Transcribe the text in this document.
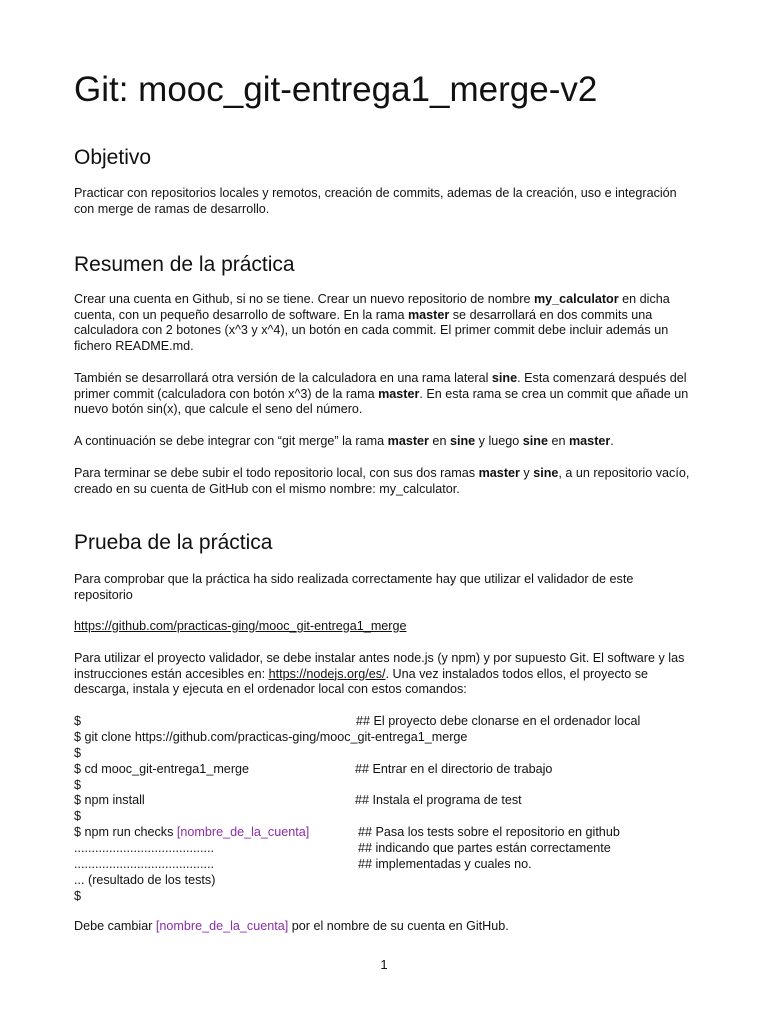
Git: mooc_git-entrega1_merge-v2
Objetivo

Practicar con repositorios locales y remotos, creación de commits, ademas de la creación, uso e integración con merge de ramas de desarrollo.

Resumen de la práctica

Crear una cuenta en Github, si no se tiene. Crear un nuevo repositorio de nombre my_calculator en dicha cuenta, con un pequeño desarrollo de software. En la rama master se desarrollará en dos commits una calculadora con 2 botones (x^3 y x^4), un botón en cada commit. El primer commit debe incluir además un fichero README.md.

También se desarrollará otra versión de la calculadora en una rama lateral sine. Esta comenzará después del primer commit (calculadora con botón x^3) de la rama master. En esta rama se crea un commit que añade un nuevo botón sin(x), que calcule el seno del número.

A continuación se debe integrar con “git merge” la rama master en sine y luego sine en master.

Para terminar se debe subir el todo repositorio local, con sus dos ramas master y sine, a un repositorio vacío, creado en su cuenta de GitHub con el mismo nombre: my_calculator.

Prueba de la práctica

Para comprobar que la práctica ha sido realizada correctamente hay que utilizar el validador de este repositorio

https://github.com/practicas-ging/mooc_git-entrega1_merge

Para utilizar el proyecto validador, se debe instalar antes node.js (y npm) y por supuesto Git. El software y las instrucciones están accesibles en: https://nodejs.org/es/. Una vez instalados todos ellos, el proyecto se descarga, instala y ejecuta en el ordenador local con estos comandos:

$	## El proyecto debe clonarse en el ordenador local
$ git clone https://github.com/practicas-ging/mooc_git-entrega1_merge
$
$ cd mooc_git-entrega1_merge	## Entrar en el directorio de trabajo
$
$ npm install	## Instala el programa de test
$
$ npm run checks [nombre_de_la_cuenta]	## Pasa los tests sobre el repositorio en github
........................................	## indicando que partes están correctamente
........................................	## implementadas y cuales no.
... (resultado de los tests)
$

Debe cambiar [nombre_de_la_cuenta] por el nombre de su cuenta en GitHub.

1
